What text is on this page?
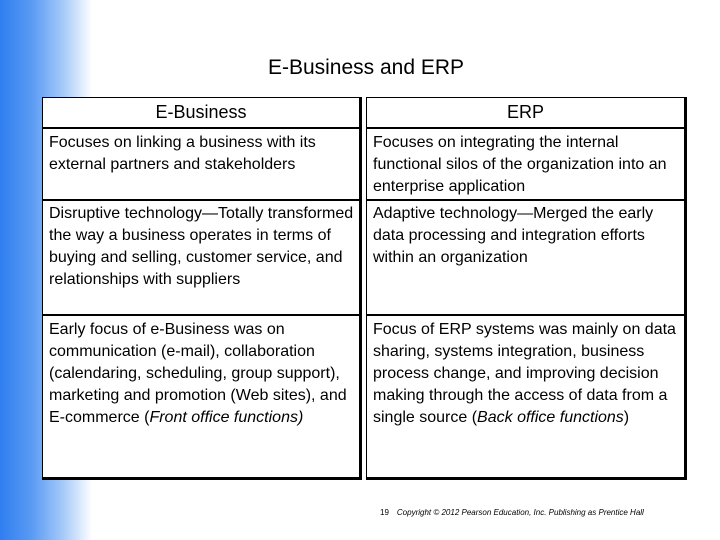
E-Business and ERP
E-Business
Focuses on linking a business with its external partners and stakeholders
Disruptive technology—Totally transformed the way a business operates in terms of buying and selling, customer service, and relationships with suppliers
Early focus of e-Business was on communication (e-mail), collaboration (calendaring, scheduling, group support), marketing and promotion (Web sites), and E-commerce (Front office functions)
ERP
Focuses on integrating the internal functional silos of the organization into an enterprise application
Adaptive technology—Merged the early data processing and integration efforts within an organization
Focus of ERP systems was mainly on data sharing, systems integration, business process change, and improving decision making through the access of data from a single source (Back office functions)
19 Copyright © 2012 Pearson Education, Inc. Publishing as Prentice Hall
